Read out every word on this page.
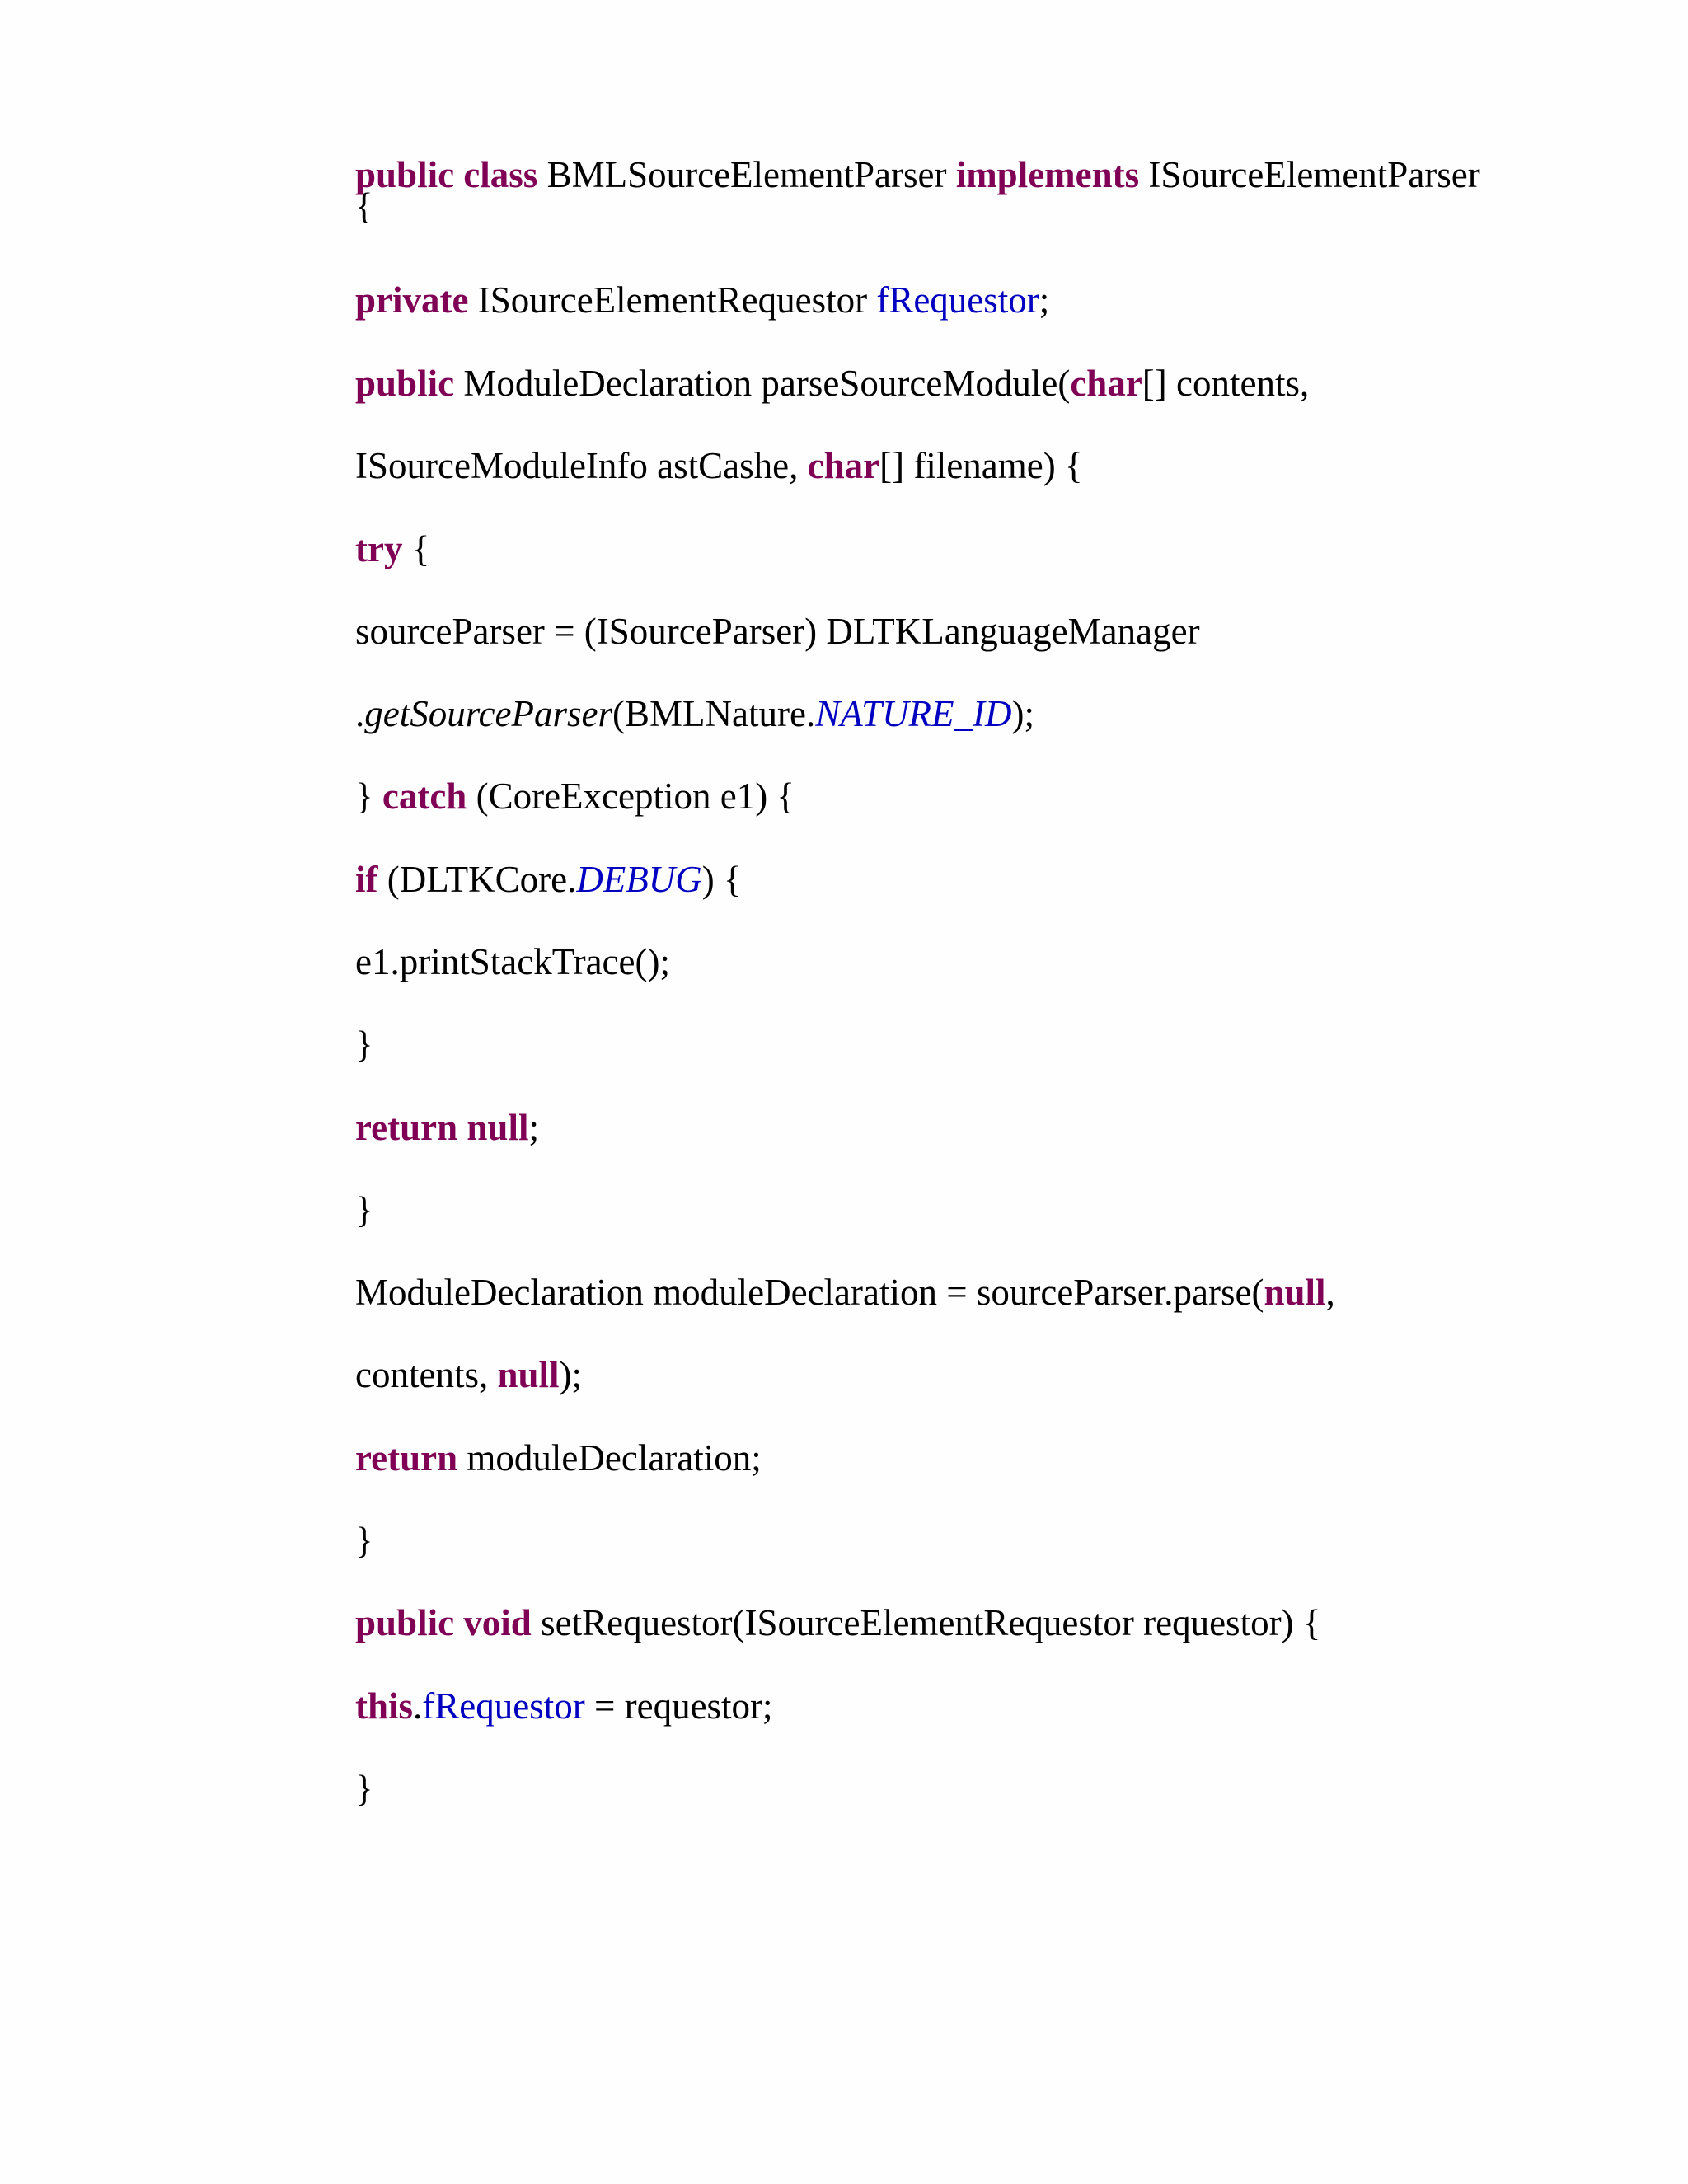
public class BMLSourceElementParser implements ISourceElementParser
{
private ISourceElementRequestor fRequestor;
public ModuleDeclaration parseSourceModule(char[] contents,
ISourceModuleInfo astCashe, char[] filename) {
try {
sourceParser = (ISourceParser) DLTKLanguageManager
.getSourceParser(BMLNature.NATURE_ID);
} catch (CoreException e1) {
if (DLTKCore.DEBUG) {
e1.printStackTrace();
}
return null;
}
ModuleDeclaration moduleDeclaration = sourceParser.parse(null,
contents, null);
return moduleDeclaration;
}
public void setRequestor(ISourceElementRequestor requestor) {
this.fRequestor = requestor;
}
